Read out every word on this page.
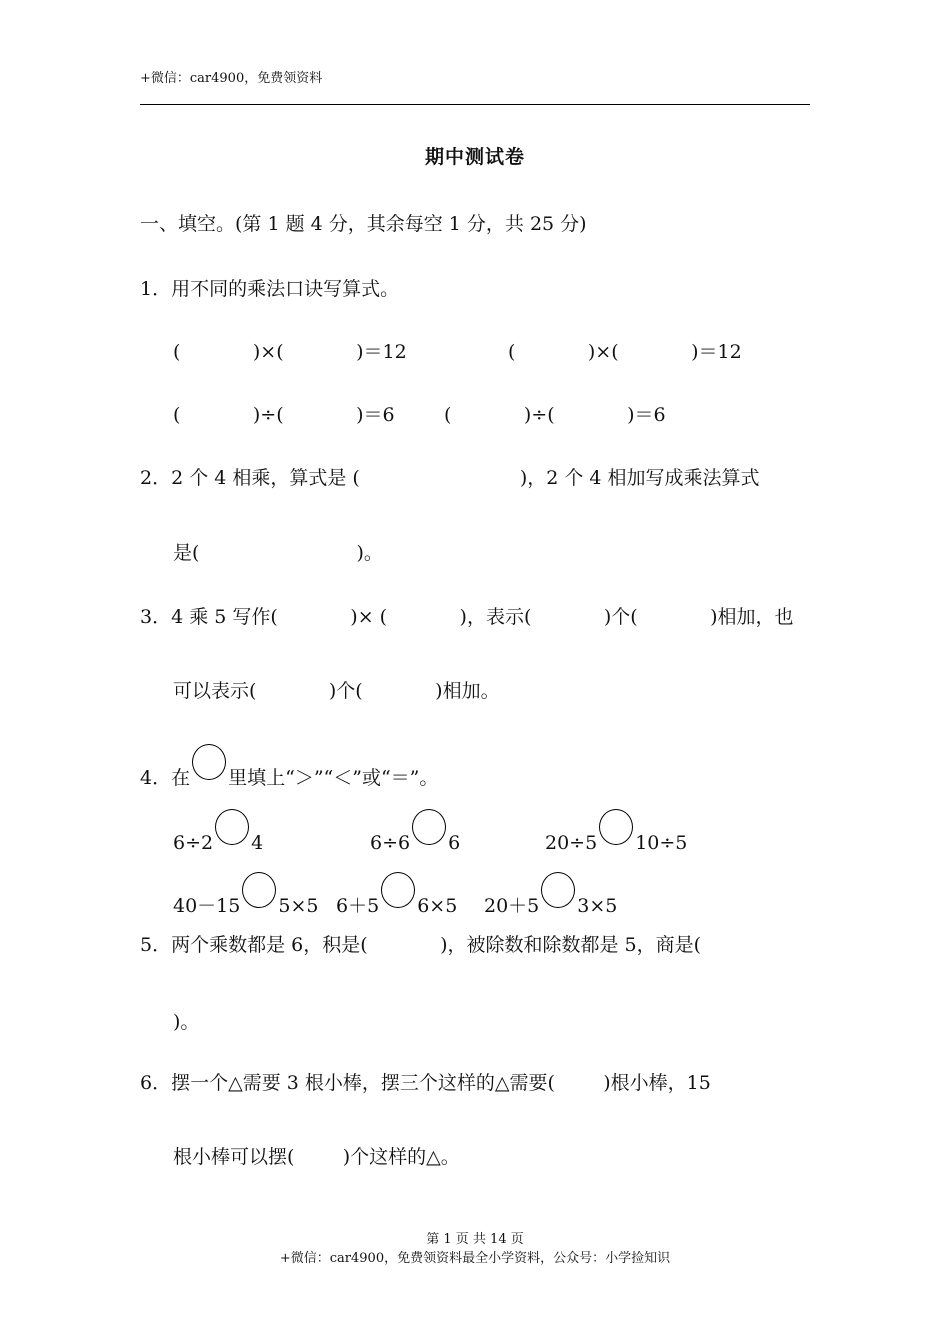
+微信：car4900，免费领资料
期中测试卷
一、填空。(第 1 题 4 分，其余每空 1 分，共 25 分)
1．用不同的乘法口诀写算式。
(            )×(            )＝12	(            )×(            )＝12
(            )÷(            )＝6	(            )÷(            )＝6
2．2 个 4 相乘，算式是 (	)，2 个 4 相加写成乘法算式
是(                          )。
3．4 乘 5 写作(            )× (            )，表示(            )个(            )相加，也
可以表示(            )个(            )相加。
4．在 里填上“＞”“＜”或“＝”。
6÷2 4	6÷6 6	20÷5 10÷5
40－15 5×5 6＋5 6×5 20＋5 3×5
5．两个乘数都是 6，积是(            )，被除数和除数都是 5，商是(
)。
6．摆一个△需要 3 根小棒，摆三个这样的△需要(        )根小棒，15
根小棒可以摆(        )个这样的△。
第 1 页 共 14 页
+微信：car4900，免费领资料最全小学资料，公众号：小学捡知识
